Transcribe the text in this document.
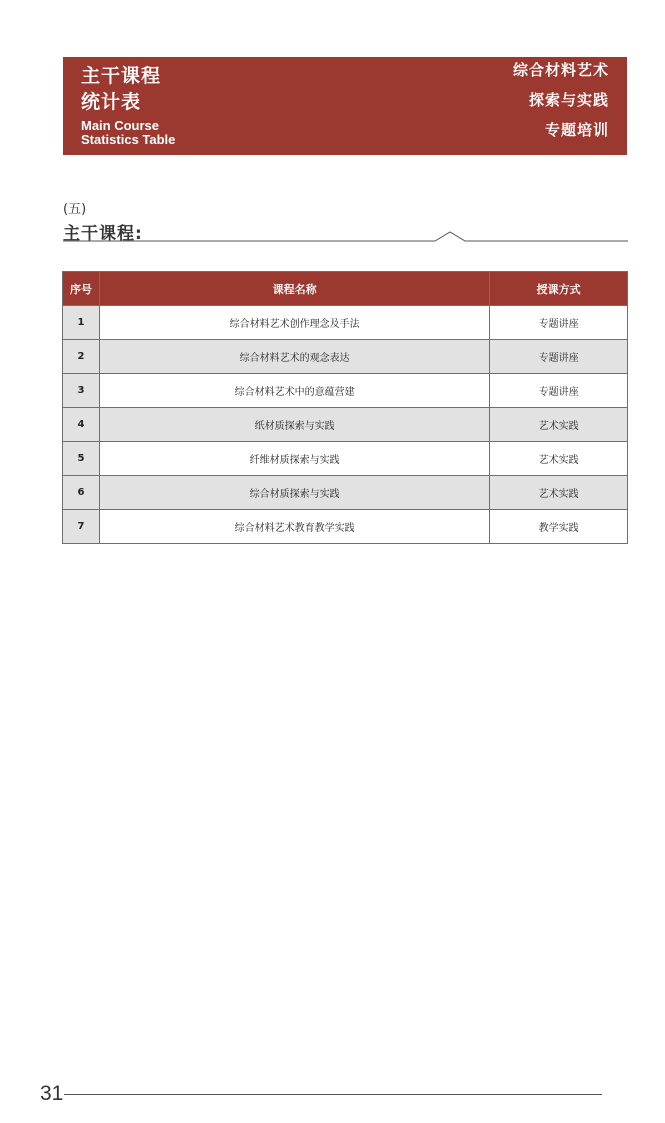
主干课程
统计表
Main Course
Statistics Table
综合材料艺术
探索与实践
专题培训
(五)
主干课程:
序号	课程名称	授课方式
1	综合材料艺术创作理念及手法	专题讲座
2	综合材料艺术的观念表达	专题讲座
3	综合材料艺术中的意蕴营建	专题讲座
4	纸材质探索与实践	艺术实践
5	纤维材质探索与实践	艺术实践
6	综合材质探索与实践	艺术实践
7	综合材料艺术教育教学实践	教学实践
31
